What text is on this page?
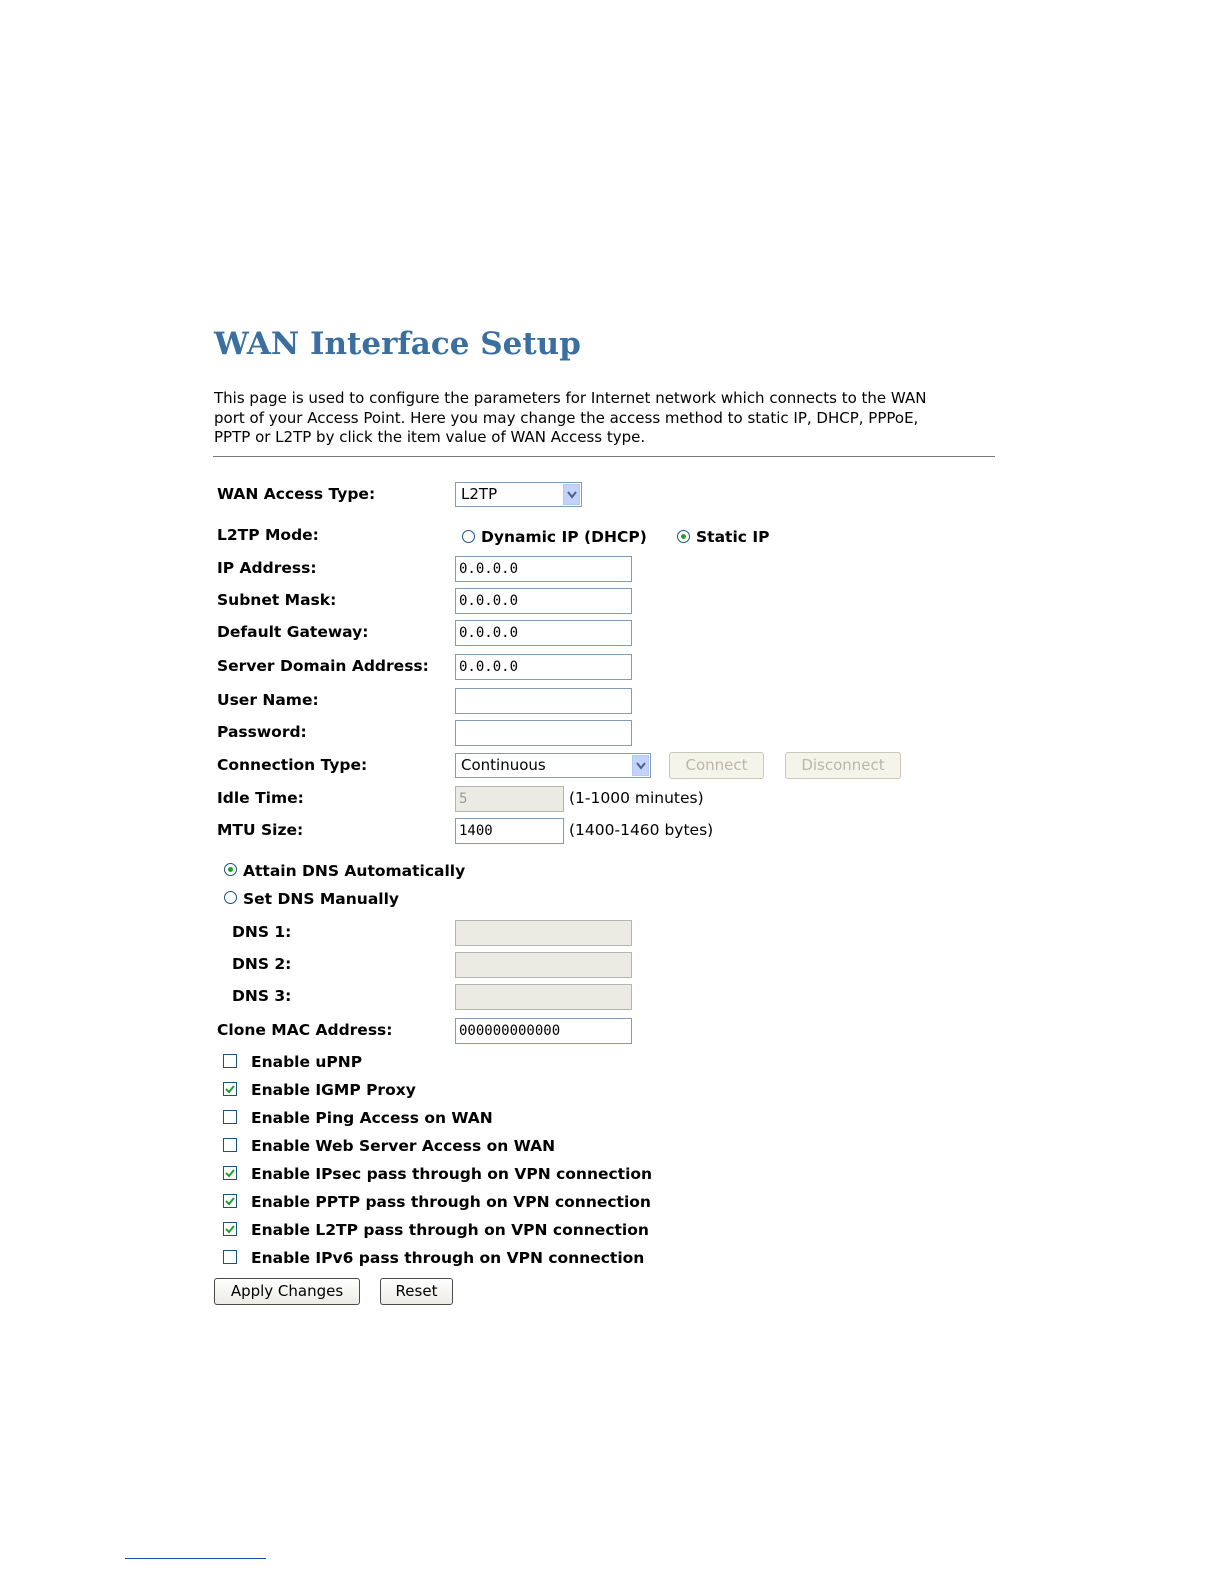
WAN Interface Setup
This page is used to configure the parameters for Internet network which connects to the WAN
port of your Access Point. Here you may change the access method to static IP, DHCP, PPPoE,
PPTP or L2TP by click the item value of WAN Access type.
WAN Access Type:	L2TP
L2TP Mode:	Dynamic IP (DHCP)	Static IP
IP Address:	0.0.0.0
Subnet Mask:	0.0.0.0
Default Gateway:	0.0.0.0
Server Domain Address: 0.0.0.0
User Name:
Password:
Connection Type:	Continuous	Connect	Disconnect
Idle Time:	5	(1-1000 minutes)
MTU Size:	1400	(1400-1460 bytes)
Attain DNS Automatically
Set DNS Manually
DNS 1:
DNS 2:
DNS 3:
Clone MAC Address:	000000000000
Enable uPNP
Enable IGMP Proxy
Enable Ping Access on WAN
Enable Web Server Access on WAN
Enable IPsec pass through on VPN connection
Enable PPTP pass through on VPN connection
Enable L2TP pass through on VPN connection
Enable IPv6 pass through on VPN connection
Apply Changes	Reset
